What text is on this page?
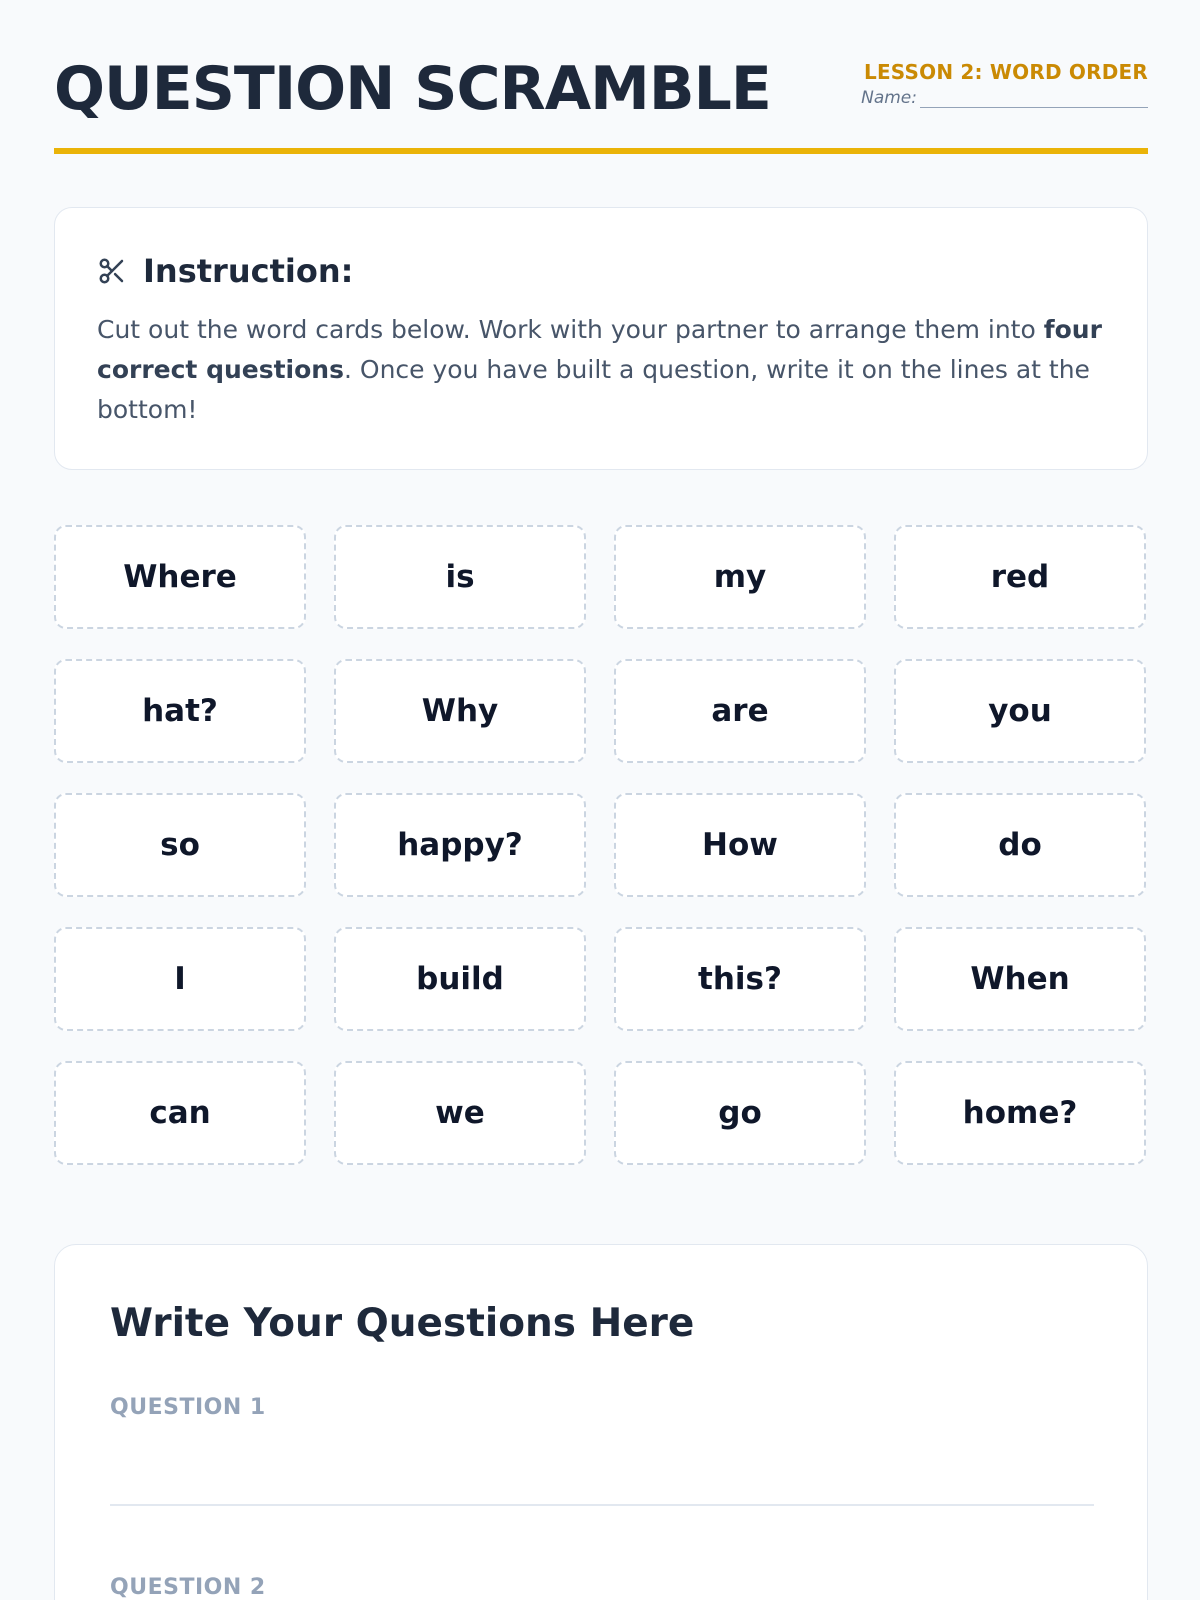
QUESTION SCRAMBLE	LESSON 2: WORD ORDER
Name:
Instruction:

Cut out the word cards below. Work with your partner to arrange them into four correct questions. Once you have built a question, write it on the lines at the bottom!

Where	is	my	red
hat?	Why	are	you
so	happy?	How	do
I	build	this?	When
can	we	go	home?
Write Your Questions Here
QUESTION 1
QUESTION 2
